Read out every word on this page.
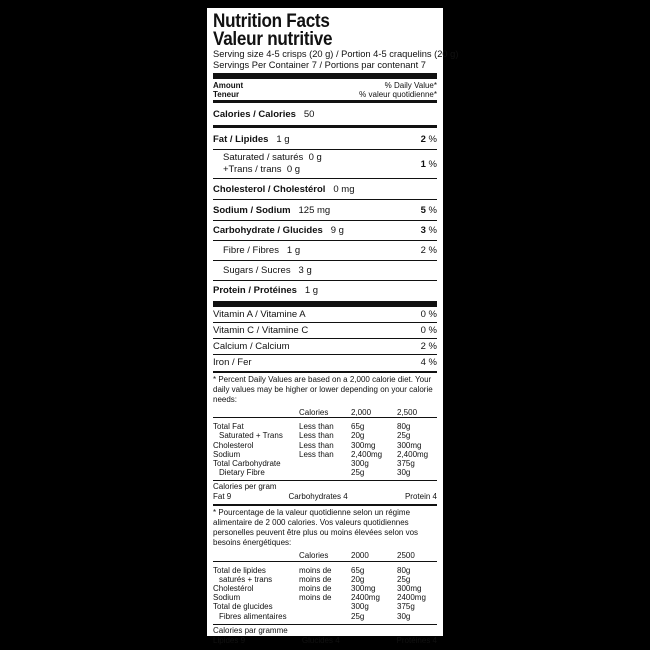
Nutrition Facts
Valeur nutritive
Serving size 4-5 crisps (20 g) / Portion 4-5 craquelins (20 g)
Servings Per Container 7 / Portions par contenant 7
Amount
Teneur
% Daily Value*
% valeur quotidienne*
Calories / Calories 50
Fat / Lipides 1 g	2 %
Saturated / saturés 0 g
+Trans / trans 0 g	1 %
Cholesterol / Cholestérol 0 mg
Sodium / Sodium 125 mg	5 %
Carbohydrate / Glucides 9 g	3 %
Fibre / Fibres 1 g	2 %
Sugars / Sucres 3 g
Protein / Protéines 1 g
Vitamin A / Vitamine A	0 %
Vitamin C / Vitamine C	0 %
Calcium / Calcium	2 %
Iron / Fer	4 %
* Percent Daily Values are based on a 2,000 calorie diet. Your daily values may be higher or lower depending on your calorie needs:
	Calories	2,000	2,500

Total Fat	Less than	65g	80g
Saturated + Trans	Less than	20g	25g
Cholesterol	Less than	300mg	300mg
Sodium	Less than	2,400mg	2,400mg
Total Carbohydrate		300g	375g
Dietary Fibre		25g	30g
Calories per gram
Fat 9	Carbohydrates 4	Protein 4
* Pourcentage de la valeur quotidienne selon un régime alimentaire de 2 000 calories. Vos valeurs quotidiennes personelles peuvent être plus ou moins élevées selon vos besoins énergétiques:
	Calories	2000	2500

Total de lipides	moins de	65g	80g
saturés + trans	moins de	20g	25g
Cholestérol	moins de	300mg	300mg
Sodium	moins de	2400mg	2400mg
Total de glucides		300g	375g
Fibres alimentaires		25g	30g
Calories par gramme
Lipides 9	Glucides 4	Protéines 4
